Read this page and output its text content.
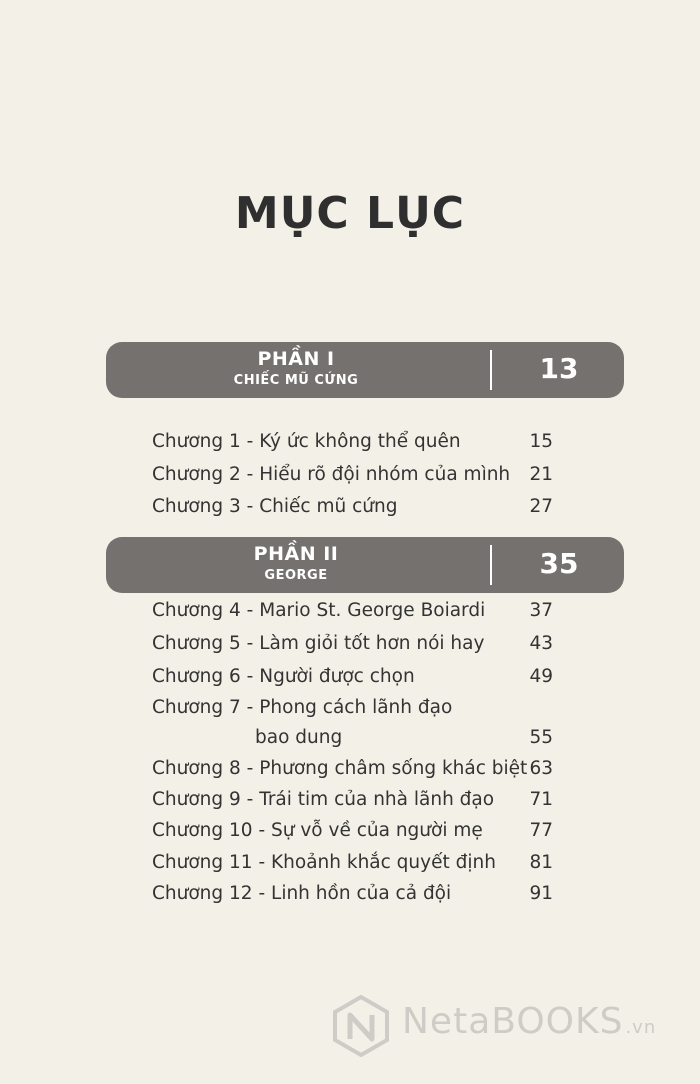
MỤC LỤC
PHẦN I
CHIẾC MŨ CỨNG	13
Chương 1 - Ký ức không thể quên	15
Chương 2 - Hiểu rõ đội nhóm của mình 21
Chương 3 - Chiếc mũ cứng	27
PHẦN II
GEORGE	35
Chương 4 - Mario St. George Boiardi 37
Chương 5 - Làm giỏi tốt hơn nói hay 43
Chương 6 - Người được chọn	49
Chương 7 - Phong cách lãnh đạo
bao dung	55
Chương 8 - Phương châm sống khác biệt 63
Chương 9 - Trái tim của nhà lãnh đạo 71
Chương 10 - Sự vỗ về của người mẹ	77
Chương 11 - Khoảnh khắc quyết định 81
Chương 12 - Linh hồn của cả đội	91
NetaBOOKS .vn
